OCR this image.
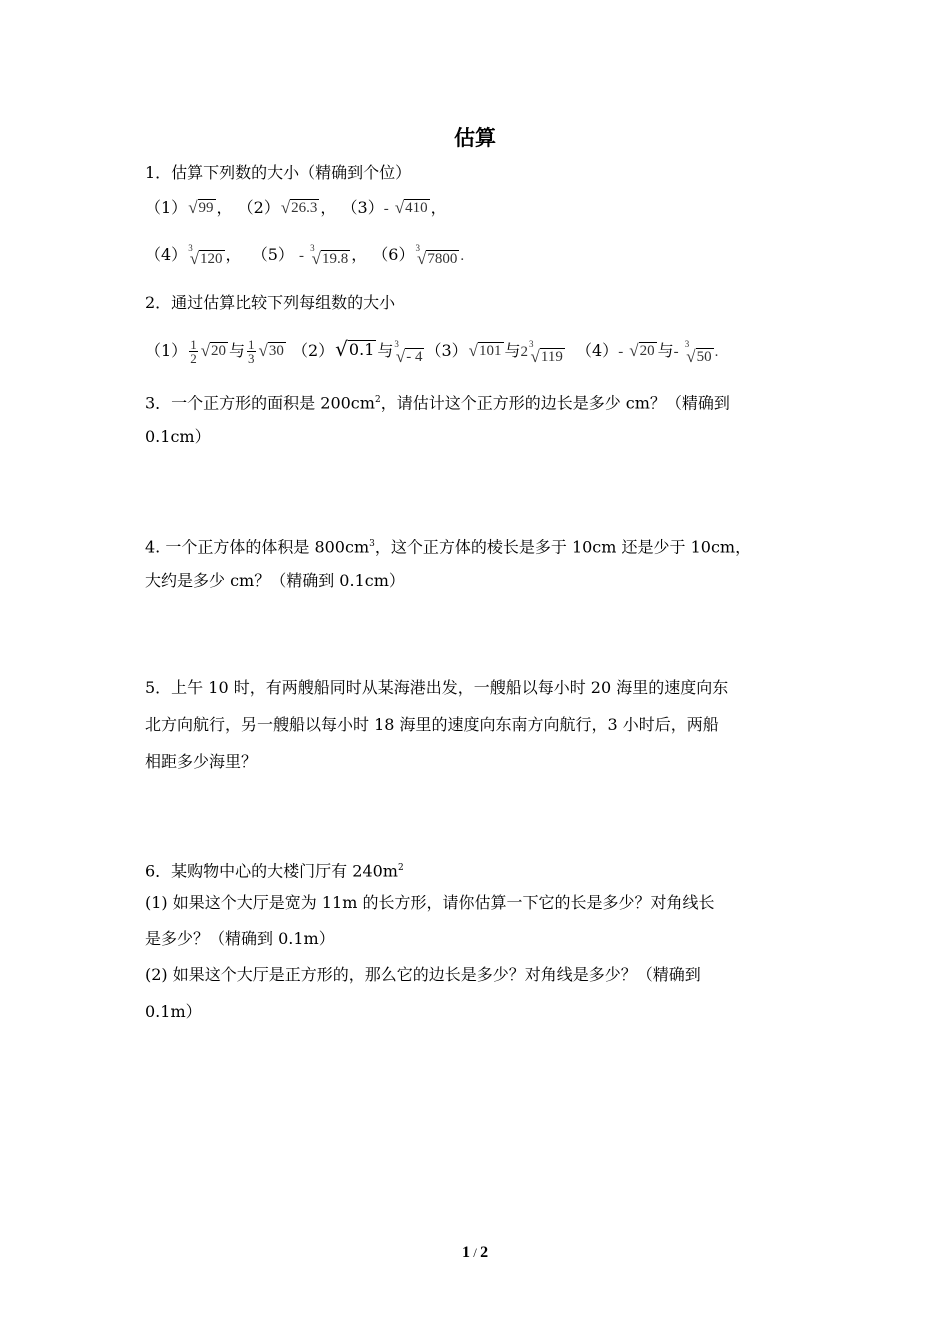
估算
1．估算下列数的大小（精确到个位）
（1） √ 99 ， （2） √ 26.3 ， （3）- √ 410 ，
（4） 3
√ 120 ， （5） - 3
√ 19.8 ， （6） 3
√ 7800 .
2．通过估算比较下列每组数的大小
$(1) \frac{1}{2}$ √ 20 与 $\frac{1}{3}$ √ 30 （2） √ 0.1 与 3
√ - 4 （3） √ 101 与2 3
√ 119 （4）- √ 20 与- 3
√ 50 .
3．一个正方形的面积是 $200cm^2$，请估计这个正方形的边长是多少 cm？（精确到
0.1cm）
4. 一个正方体的体积是 $800cm^3$，这个正方体的棱长是多于 10cm 还是少于 10cm，
大约是多少 cm？（精确到 0.1cm）
5．上午 10 时，有两艘船同时从某海港出发，一艘船以每小时 20 海里的速度向东
北方向航行，另一艘船以每小时 18 海里的速度向东南方向航行，3 小时后，两船
相距多少海里？
6．某购物中心的大楼门厅有 $240m^2$
(1) 如果这个大厅是宽为 11m 的长方形，请你估算一下它的长是多少？对角线长
是多少？（精确到 0.1m）
(2) 如果这个大厅是正方形的，那么它的边长是多少？对角线是多少？（精确到
0.1m）
1 / 2
